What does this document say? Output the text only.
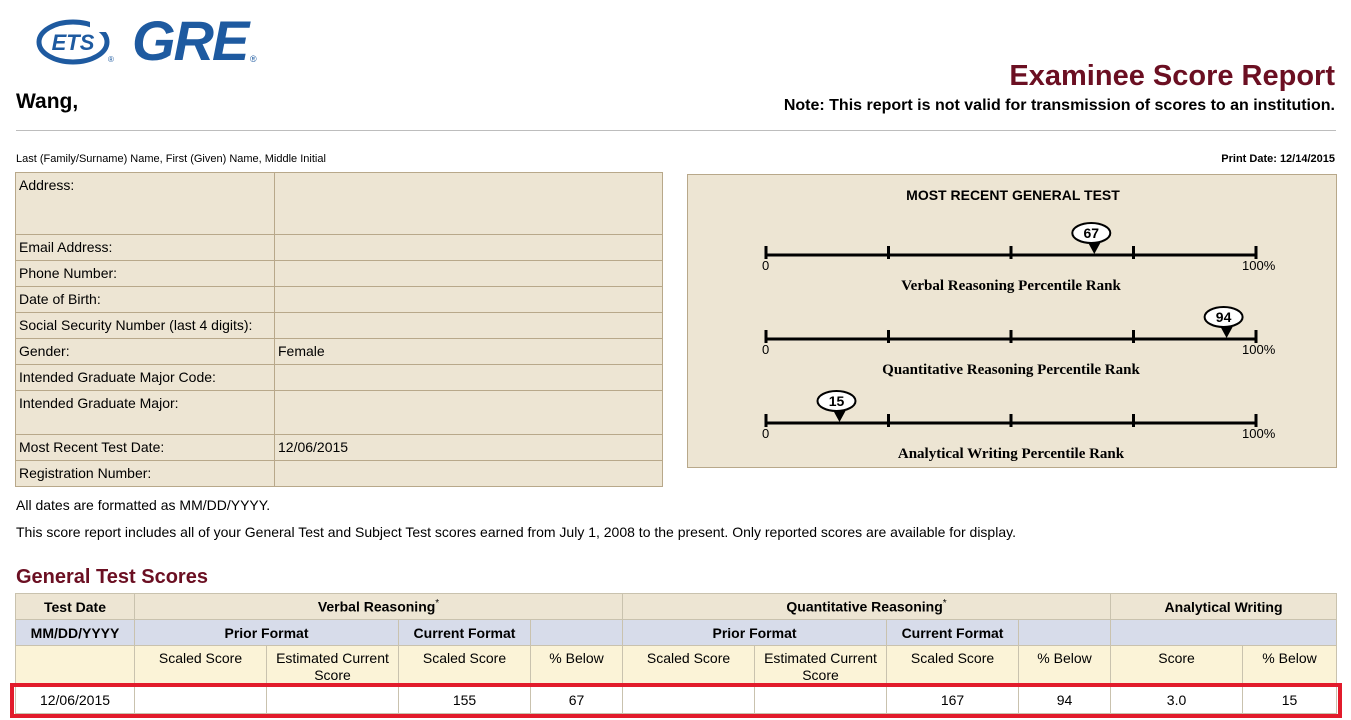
ETS
® GRE ®
Wang,
Examinee Score Report
Note: This report is not valid for transmission of scores to an institution.
Last (Family/Surname) Name, First (Given) Name, Middle Initial	Print Date: 12/14/2015
Address:	
Email Address:	
Phone Number:	
Date of Birth:	
Social Security Number (last 4 digits):	
Gender:	Female
Intended Graduate Major Code:	
Intended Graduate Major:	
Most Recent Test Date:	12/06/2015
Registration Number:	
MOST RECENT GENERAL TEST
0	100%
Verbal Reasoning Percentile Rank
67
0	100%
Quantitative Reasoning Percentile Rank
94
0	100%
Analytical Writing Percentile Rank
15
All dates are formatted as MM/DD/YYYY.
This score report includes all of your General Test and Subject Test scores earned from July 1, 2008 to the present. Only reported scores are available for display.
General Test Scores
Test Date	Verbal Reasoning*				Quantitative Reasoning*				Analytical Writing	
MM/DD/YYYY	Prior Format		Current Format		Prior Format		Current Format			
	Scaled Score	Estimated Current Score	Scaled Score	% Below	Scaled Score	Estimated Current Score	Scaled Score	% Below	Score	% Below
12/06/2015			155	67			167	94	3.0	15
